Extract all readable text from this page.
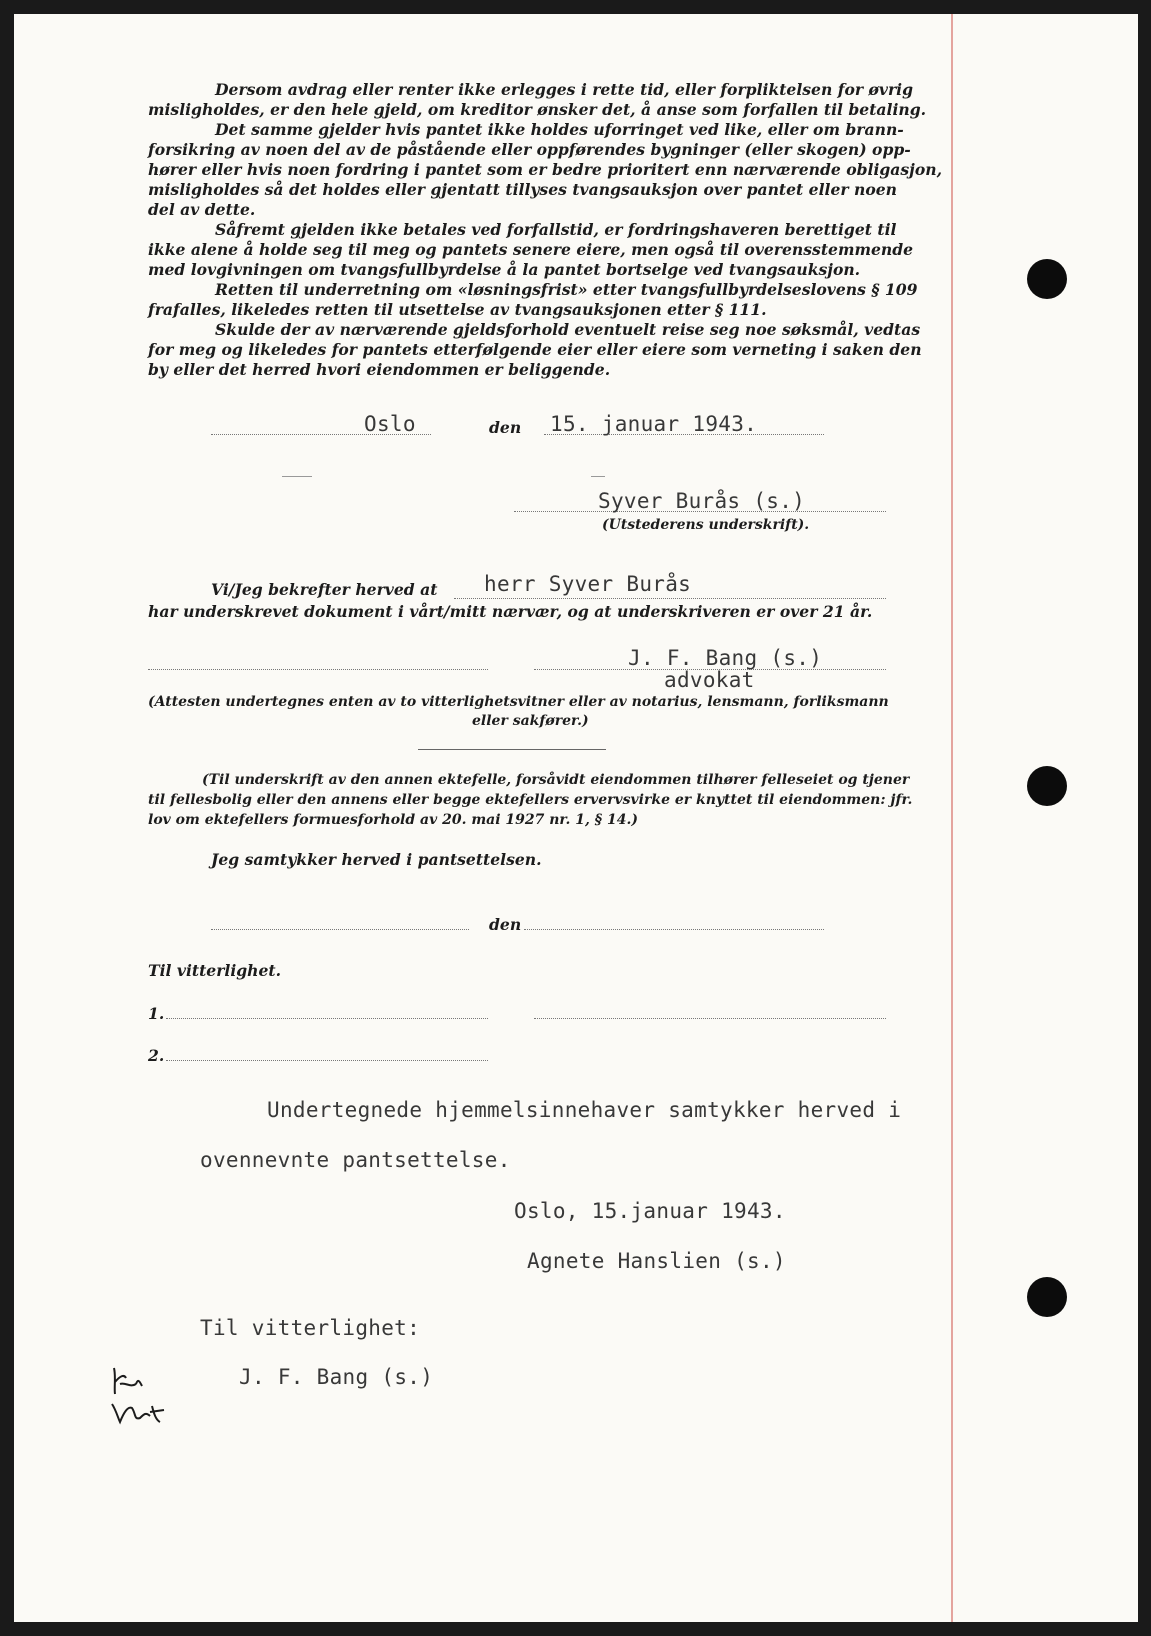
Dersom avdrag eller renter ikke erlegges i rette tid, eller forpliktelsen for øvrig

misligholdes, er den hele gjeld, om kreditor ønsker det, å anse som forfallen til betaling.

Det samme gjelder hvis pantet ikke holdes uforringet ved like, eller om brann-

forsikring av noen del av de påstående eller oppførendes bygninger (eller skogen) opp-

hører eller hvis noen fordring i pantet som er bedre prioritert enn nærværende obligasjon,

misligholdes så det holdes eller gjentatt tillyses tvangsauksjon over pantet eller noen

del av dette.

Såfremt gjelden ikke betales ved forfallstid, er fordringshaveren berettiget til

ikke alene å holde seg til meg og pantets senere eiere, men også til overensstemmende

med lovgivningen om tvangsfullbyrdelse å la pantet bortselge ved tvangsauksjon.

Retten til underretning om «løsningsfrist» etter tvangsfullbyrdelseslovens § 109

frafalles, likeledes retten til utsettelse av tvangsauksjonen etter § 111.

Skulde der av nærværende gjeldsforhold eventuelt reise seg noe søksmål, vedtas

for meg og likeledes for pantets etterfølgende eier eller eiere som verneting i saken den

by eller det herred hvori eiendommen er beliggende.

Oslo	den 15. januar 1943.
Syver Burås (s.)
(Utstederens underskrift).
Vi/Jeg bekrefter herved at herr Syver Burås
har underskrevet dokument i vårt/mitt nærvær, og at underskriveren er over 21 år.
J. F. Bang (s.)
advokat
(Attesten undertegnes enten av to vitterlighetsvitner eller av notarius, lensmann, forliksmann
eller sakfører.)
(Til underskrift av den annen ektefelle, forsåvidt eiendommen tilhører felleseiet og tjener
til fellesbolig eller den annens eller begge ektefellers ervervsvirke er knyttet til eiendommen: jfr.
lov om ektefellers formuesforhold av 20. mai 1927 nr. 1, § 14.)
Jeg samtykker herved i pantsettelsen.
den
Til vitterlighet.
1.
2.
Undertegnede hjemmelsinnehaver samtykker herved i
ovennevnte pantsettelse.
Oslo, 15.januar 1943.
Agnete Hanslien (s.)
Til vitterlighet:
J. F. Bang (s.)
